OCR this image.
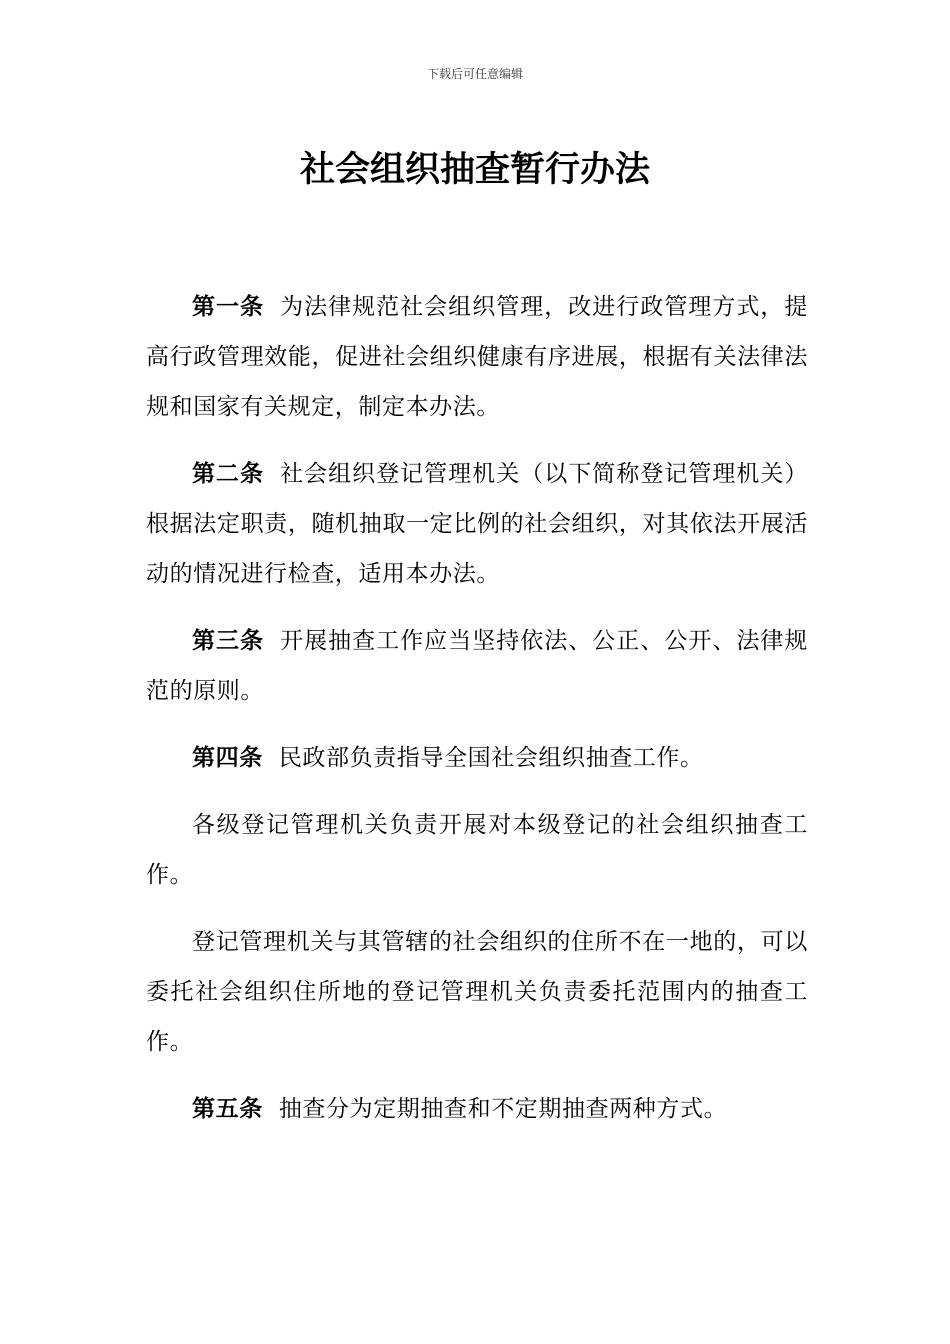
下载后可任意编辑
社会组织抽查暂行办法

第一条 为法律规范社会组织管理，改进行政管理方式，提高行政管理效能，促进社会组织健康有序进展，根据有关法律法规和国家有关规定，制定本办法。

第二条 社会组织登记管理机关（以下简称登记管理机关）根据法定职责，随机抽取一定比例的社会组织，对其依法开展活动的情况进行检查，适用本办法。

第三条 开展抽查工作应当坚持依法、公正、公开、法律规范的原则。

第四条 民政部负责指导全国社会组织抽查工作。

各级登记管理机关负责开展对本级登记的社会组织抽查工作。

登记管理机关与其管辖的社会组织的住所不在一地的，可以委托社会组织住所地的登记管理机关负责委托范围内的抽查工作。

第五条 抽查分为定期抽查和不定期抽查两种方式。
